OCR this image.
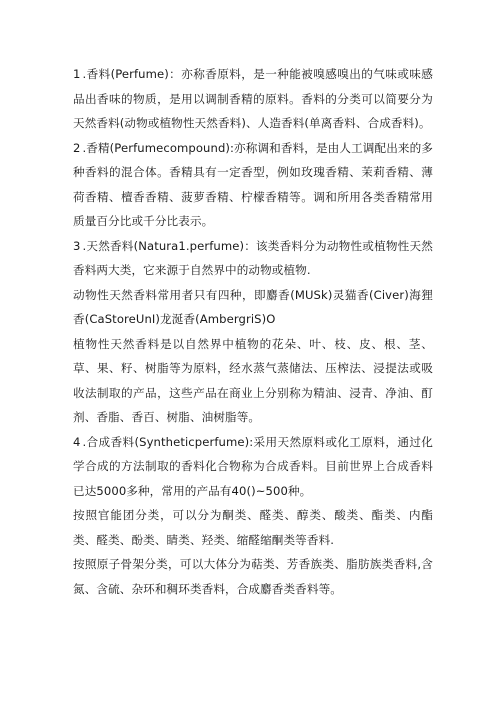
1 .香料(Perfume)：亦称香原料，是一种能被嗅感嗅出的气味或味感品出香味的物质，是用以调制香精的原料。香料的分类可以简要分为天然香料(动物或植物性天然香料)、人造香料(单离香料、合成香料)。

2 .香精(Perfumecompound):亦称调和香料，是由人工调配出来的多种香料的混合体。香精具有一定香型，例如玫瑰香精、茉莉香精、薄荷香精、檀香香精、菠萝香精、柠檬香精等。调和所用各类香精常用质量百分比或千分比表示。

3 .天然香料(Natura1.perfume)：该类香料分为动物性或植物性天然香料两大类，它来源于自然界中的动物或植物.

动物性天然香料常用者只有四种，即麝香(MUSk)灵猫香(Civer)海狸香(CaStoreUnI)龙涎香(AmbergriS)O

植物性天然香料是以自然界中植物的花朵、叶、枝、皮、根、茎、草、果、籽、树脂等为原料，经水蒸气蒸储法、压榨法、浸提法或吸收法制取的产品，这些产品在商业上分别称为精油、浸青、净油、酊剂、香脂、香百、树脂、油树脂等。

4 .合成香料(Syntheticperfume):采用天然原料或化工原料，通过化学合成的方法制取的香料化合物称为合成香料。目前世界上合成香料已达5000多种，常用的产品有40()~500种。

按照官能团分类，可以分为酮类、醛类、醇类、酸类、酯类、内酯类、醛类、酚类、睛类、羟类、缩醛缩酮类等香料.

按照原子骨架分类，可以大体分为萜类、芳香族类、脂肪族类香料,含氮、含硫、杂环和稠环类香料，合成麝香类香料等。
